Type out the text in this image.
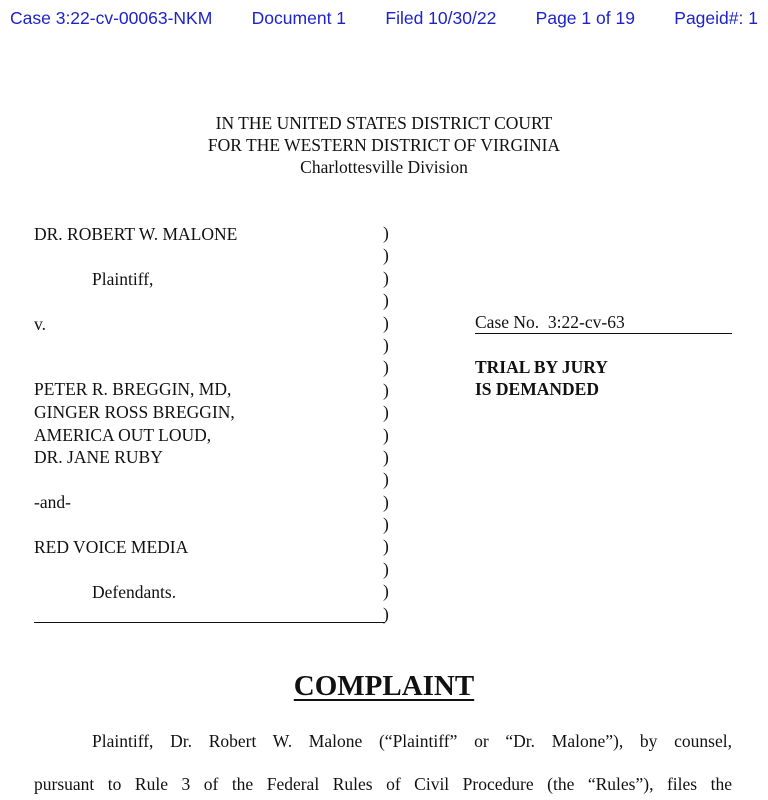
Case 3:22-cv-00063-NKM Document 1 Filed 10/30/22 Page 1 of 19 Pageid#: 1
IN THE UNITED STATES DISTRICT COURT
FOR THE WESTERN DISTRICT OF VIRGINIA
Charlottesville Division
DR. ROBERT W. MALONE
Plaintiff,
v.
PETER R. BREGGIN, MD,
GINGER ROSS BREGGIN,
AMERICA OUT LOUD,
DR. JANE RUBY
-and-
RED VOICE MEDIA
Defendants.
)
)
)
)
)
)
)
)
)
)
)
)
)
)
)
)
)
)
Case No. 3:22-cv-63
TRIAL BY JURY
IS DEMANDED
COMPLAINT
Plaintiff, Dr. Robert W. Malone (“Plaintiff” or “Dr. Malone”), by counsel,
pursuant to Rule 3 of the Federal Rules of Civil Procedure (the “Rules”), files the
